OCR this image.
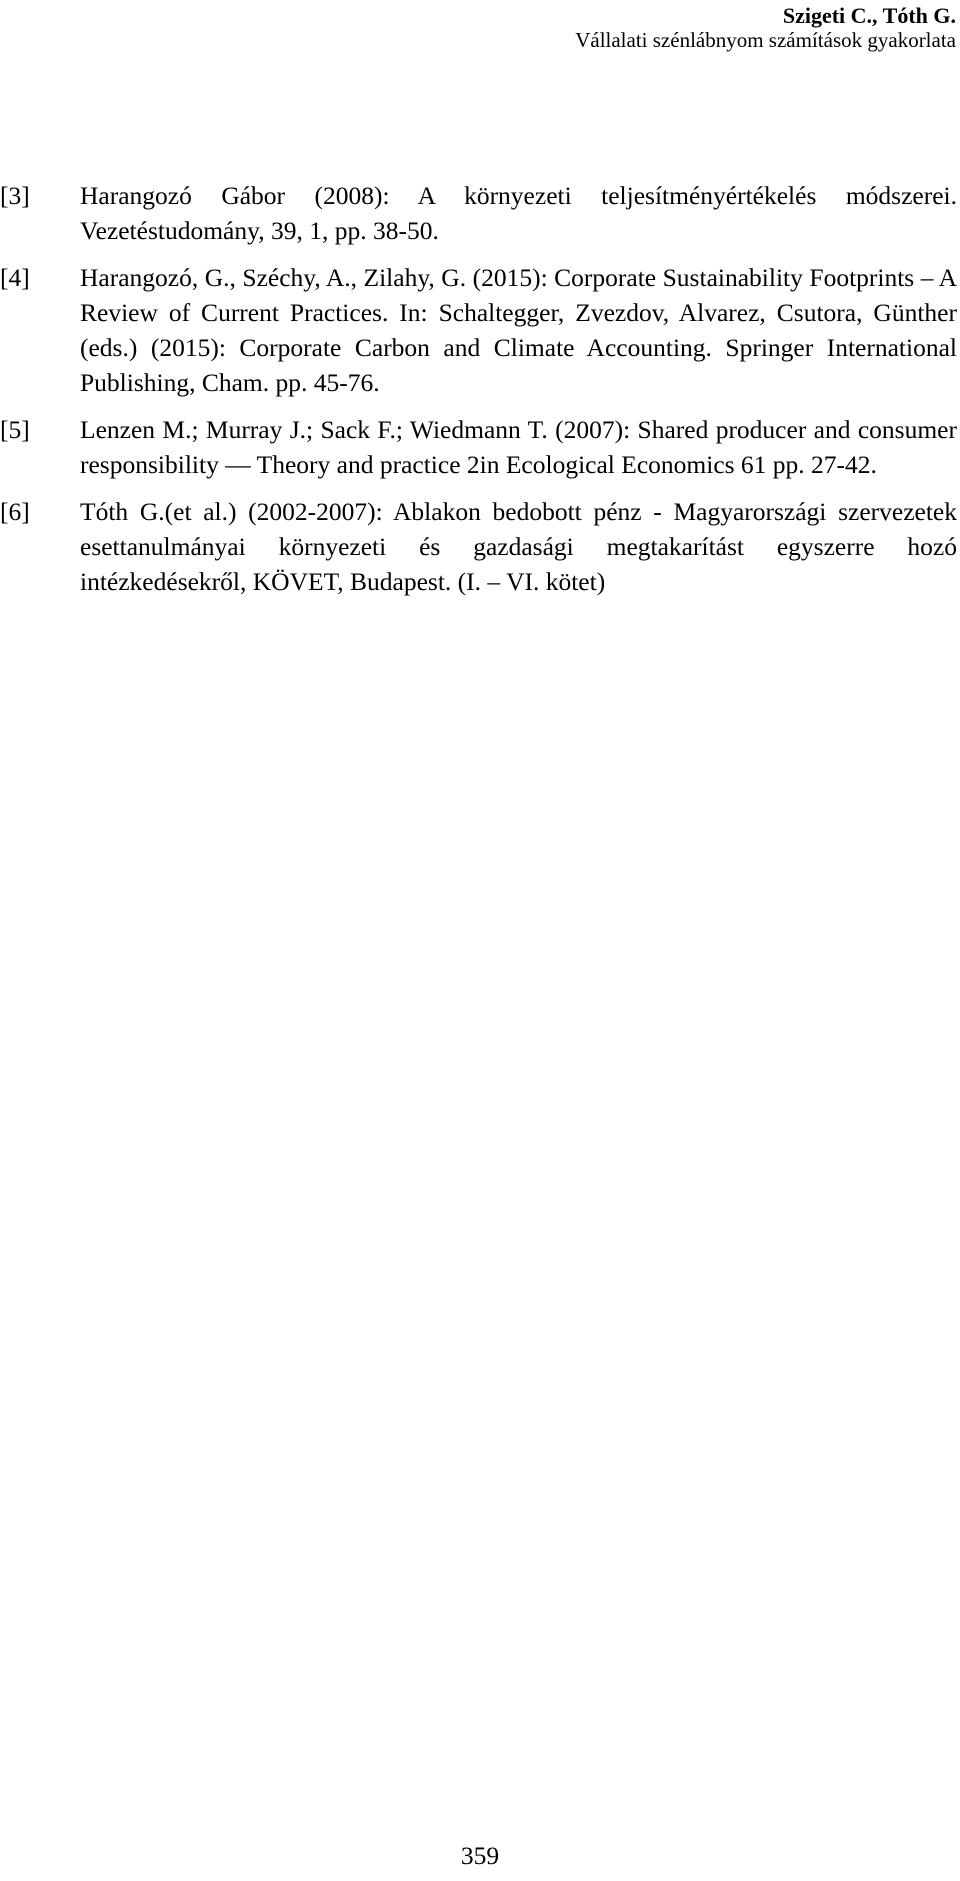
Szigeti C., Tóth G.
Vállalati szénlábnyom számítások gyakorlata
[3]	Harangozó Gábor (2008): A környezeti teljesítményértékelés módszerei. Vezetéstudomány, 39, 1, pp. 38-50.
[4]	Harangozó, G., Széchy, A., Zilahy, G. (2015): Corporate Sustainability Footprints – A Review of Current Practices. In: Schaltegger, Zvezdov, Alvarez, Csutora, Günther (eds.) (2015): Corporate Carbon and Climate Accounting. Springer International Publishing, Cham. pp. 45-76.
[5]	Lenzen M.; Murray J.; Sack F.; Wiedmann T. (2007): Shared producer and consumer responsibility — Theory and practice 2in Ecological Economics 61 pp. 27-42.
[6]	Tóth G.(et al.) (2002-2007): Ablakon bedobott pénz - Magyarországi szervezetek esettanulmányai környezeti és gazdasági megtakarítást egyszerre hozó intézkedésekről, KÖVET, Budapest. (I. – VI. kötet)
359
